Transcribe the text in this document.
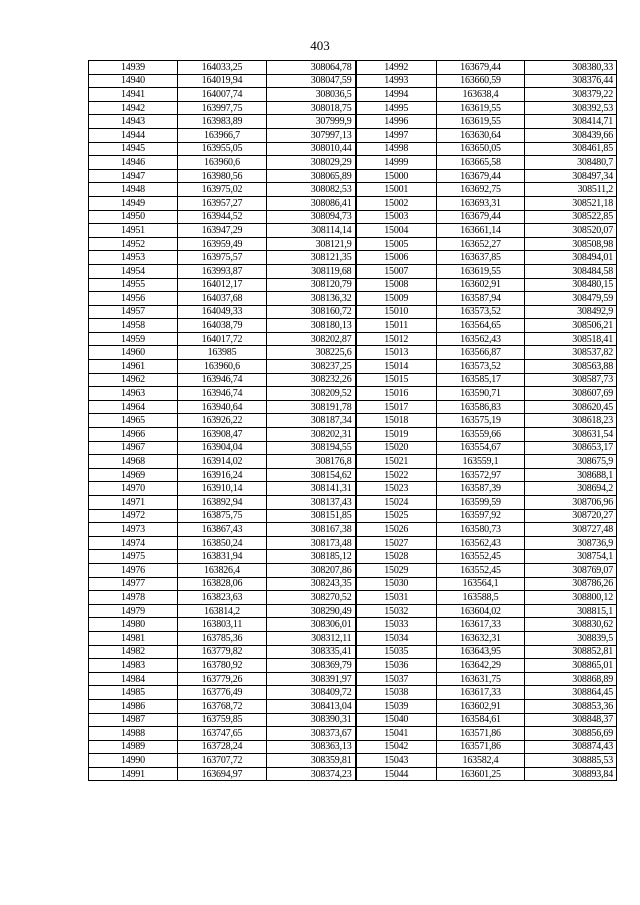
403
14939	164033,25	308064,78	14992	163679,44	308380,33
14940	164019,94	308047,59	14993	163660,59	308376,44
14941	164007,74	308036,5	14994	163638,4	308379,22
14942	163997,75	308018,75	14995	163619,55	308392,53
14943	163983,89	307999,9	14996	163619,55	308414,71
14944	163966,7	307997,13	14997	163630,64	308439,66
14945	163955,05	308010,44	14998	163650,05	308461,85
14946	163960,6	308029,29	14999	163665,58	308480,7
14947	163980,56	308065,89	15000	163679,44	308497,34
14948	163975,02	308082,53	15001	163692,75	308511,2
14949	163957,27	308086,41	15002	163693,31	308521,18
14950	163944,52	308094,73	15003	163679,44	308522,85
14951	163947,29	308114,14	15004	163661,14	308520,07
14952	163959,49	308121,9	15005	163652,27	308508,98
14953	163975,57	308121,35	15006	163637,85	308494,01
14954	163993,87	308119,68	15007	163619,55	308484,58
14955	164012,17	308120,79	15008	163602,91	308480,15
14956	164037,68	308136,32	15009	163587,94	308479,59
14957	164049,33	308160,72	15010	163573,52	308492,9
14958	164038,79	308180,13	15011	163564,65	308506,21
14959	164017,72	308202,87	15012	163562,43	308518,41
14960	163985	308225,6	15013	163566,87	308537,82
14961	163960,6	308237,25	15014	163573,52	308563,88
14962	163946,74	308232,26	15015	163585,17	308587,73
14963	163946,74	308209,52	15016	163590,71	308607,69
14964	163940,64	308191,78	15017	163586,83	308620,45
14965	163926,22	308187,34	15018	163575,19	308618,23
14966	163908,47	308202,31	15019	163559,66	308631,54
14967	163904,04	308194,55	15020	163554,67	308653,17
14968	163914,02	308176,8	15021	163559,1	308675,9
14969	163916,24	308154,62	15022	163572,97	308688,1
14970	163910,14	308141,31	15023	163587,39	308694,2
14971	163892,94	308137,43	15024	163599,59	308706,96
14972	163875,75	308151,85	15025	163597,92	308720,27
14973	163867,43	308167,38	15026	163580,73	308727,48
14974	163850,24	308173,48	15027	163562,43	308736,9
14975	163831,94	308185,12	15028	163552,45	308754,1
14976	163826,4	308207,86	15029	163552,45	308769,07
14977	163828,06	308243,35	15030	163564,1	308786,26
14978	163823,63	308270,52	15031	163588,5	308800,12
14979	163814,2	308290,49	15032	163604,02	308815,1
14980	163803,11	308306,01	15033	163617,33	308830,62
14981	163785,36	308312,11	15034	163632,31	308839,5
14982	163779,82	308335,41	15035	163643,95	308852,81
14983	163780,92	308369,79	15036	163642,29	308865,01
14984	163779,26	308391,97	15037	163631,75	308868,89
14985	163776,49	308409,72	15038	163617,33	308864,45
14986	163768,72	308413,04	15039	163602,91	308853,36
14987	163759,85	308390,31	15040	163584,61	308848,37
14988	163747,65	308373,67	15041	163571,86	308856,69
14989	163728,24	308363,13	15042	163571,86	308874,43
14990	163707,72	308359,81	15043	163582,4	308885,53
14991	163694,97	308374,23	15044	163601,25	308893,84
